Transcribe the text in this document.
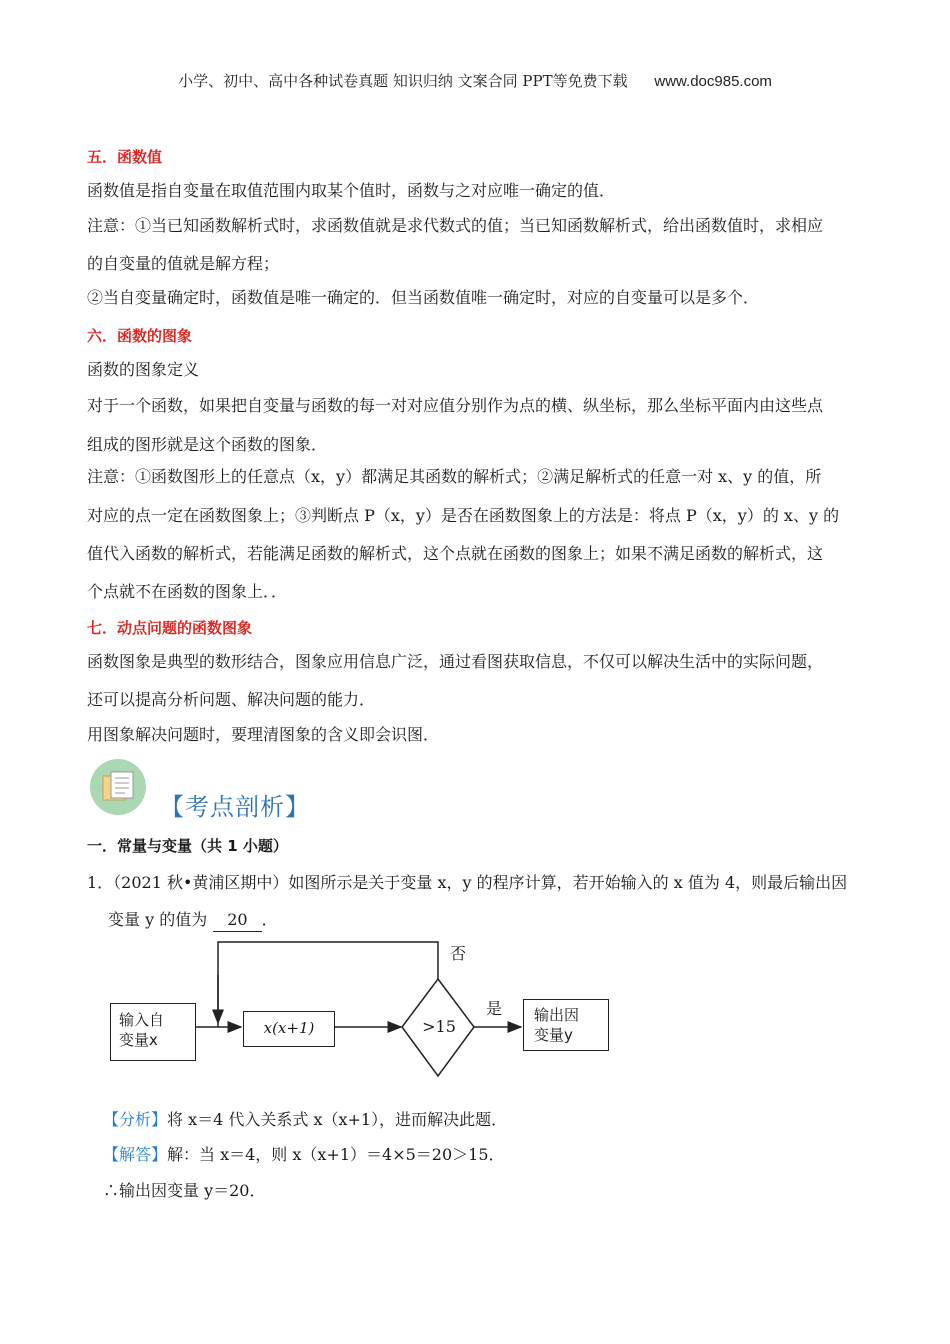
小学、初中、高中各种试卷真题 知识归纳 文案合同 PPT等免费下载 www.doc985.com
五．函数值
函数值是指自变量在取值范围内取某个值时，函数与之对应唯一确定的值．
注意：①当已知函数解析式时，求函数值就是求代数式的值；当已知函数解析式，给出函数值时，求相应
的自变量的值就是解方程；
②当自变量确定时，函数值是唯一确定的．但当函数值唯一确定时，对应的自变量可以是多个．
六．函数的图象
函数的图象定义
对于一个函数，如果把自变量与函数的每一对对应值分别作为点的横、纵坐标，那么坐标平面内由这些点
组成的图形就是这个函数的图象．
注意：①函数图形上的任意点（x，y）都满足其函数的解析式；②满足解析式的任意一对 x、y 的值，所
对应的点一定在函数图象上；③判断点 P（x，y）是否在函数图象上的方法是：将点 P（x，y）的 x、y 的
值代入函数的解析式，若能满足函数的解析式，这个点就在函数的图象上；如果不满足函数的解析式，这
个点就不在函数的图象上．．
七．动点问题的函数图象
函数图象是典型的数形结合，图象应用信息广泛，通过看图获取信息，不仅可以解决生活中的实际问题，
还可以提高分析问题、解决问题的能力．
用图象解决问题时，要理清图象的含义即会识图．
【考点剖析】
一．常量与变量（共 1 小题）
1．（2021 秋•黄浦区期中）如图所示是关于变量 x，y 的程序计算，若开始输入的 x 值为 4，则最后输出因
变量 y 的值为 20 ．
输入自
变量x
x(x+1)	>15
否
是 输出因
变量y
【分析】将 x＝4 代入关系式 x（x+1），进而解决此题．
【解答】解：当 x＝4，则 x（x+1）＝4×5＝20＞15．
∴输出因变量 y＝20．
